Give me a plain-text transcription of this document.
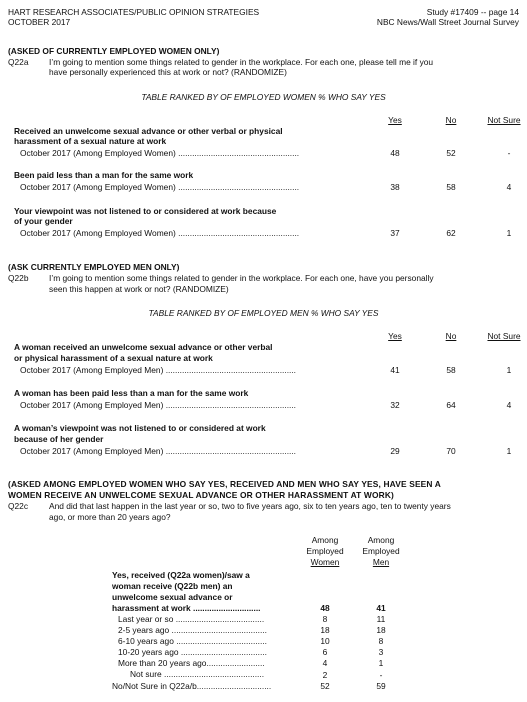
HART RESEARCH ASSOCIATES/PUBLIC OPINION STRATEGIES
OCTOBER 2017
Study #17409 -- page 14
NBC News/Wall Street Journal Survey
(ASKED OF CURRENTLY EMPLOYED WOMEN ONLY)
Q22a I’m going to mention some things related to gender in the workplace. For each one, please tell me if you
have personally experienced this at work or not? (RANDOMIZE)
TABLE RANKED BY OF EMPLOYED WOMEN % WHO SAY YES
Yes	No	Not Sure
Received an unwelcome sexual advance or other verbal or physical
harassment of a sexual nature at work
October 2017 (Among Employed Women) ....................................................	48	52	-
Been paid less than a man for the same work
October 2017 (Among Employed Women) ....................................................	38	58	4
Your viewpoint was not listened to or considered at work because
of your gender
October 2017 (Among Employed Women) ....................................................	37	62	1
(ASK CURRENTLY EMPLOYED MEN ONLY)
Q22b I’m going to mention some things related to gender in the workplace. For each one, have you personally
seen this happen at work or not? (RANDOMIZE)
TABLE RANKED BY OF EMPLOYED MEN % WHO SAY YES
Yes	No	Not Sure
A woman received an unwelcome sexual advance or other verbal
or physical harassment of a sexual nature at work
October 2017 (Among Employed Men) ........................................................	41	58	1
A woman has been paid less than a man for the same work
October 2017 (Among Employed Men) ........................................................	32	64	4
A woman’s viewpoint was not listened to or considered at work
because of her gender
October 2017 (Among Employed Men) ........................................................	29	70	1
(ASKED AMONG EMPLOYED WOMEN WHO SAY YES, RECEIVED AND MEN WHO SAY YES, HAVE SEEN A
WOMEN RECEIVE AN UNWELCOME SEXUAL ADVANCE OR OTHER HARASSMENT AT WORK)
Q22c And did that last happen in the last year or so, two to five years ago, six to ten years ago, ten to twenty years
ago, or more than 20 years ago?
Among
Employed
Women
Among
Employed
Men
Yes, received (Q22a women)/saw a
woman receive (Q22b men) an
unwelcome sexual advance or
harassment at work .............................	48	41
Last year or so ......................................	8	11
2-5 years ago .........................................	18	18
6-10 years ago .......................................	10	8
10-20 years ago .....................................	6	3
More than 20 years ago.........................	4	1
Not sure ...........................................	2	-
No/Not Sure in Q22a/b................................	52	59
